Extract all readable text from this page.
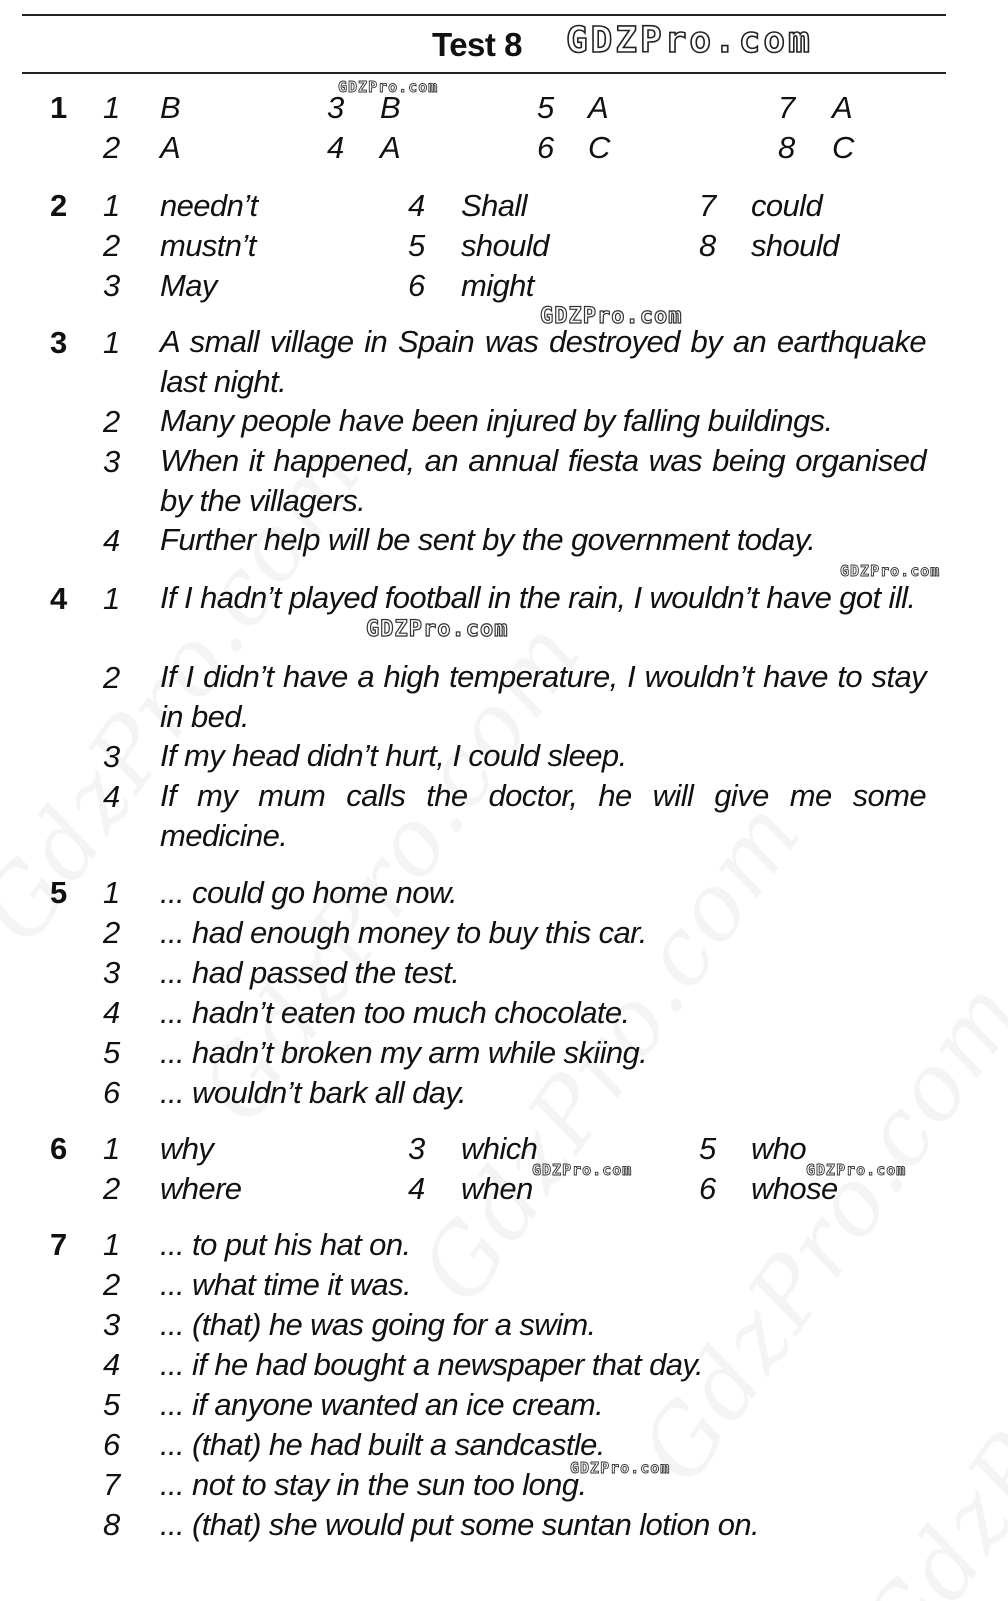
Test 8 GDZPro.com
GDZPro.com
GDZPro.com
GDZPro.com
GDZPro.com
GDZPro.com	GDZPro.com
GDZPro.com
1 1 B
2 A
3 B
4 A
5 A
6 C
7 A
8 C
2 1 needn’t
2 mustn’t
3 May
4 Shall
5 should
6 might
7 could
8 should
3 1 A small village in Spain was destroyed by an earthquake last night.
2 Many people have been injured by falling buildings.
3 When it happened, an annual fiesta was being organised by the villagers.
4 Further help will be sent by the government today.
4 1 If I hadn’t played football in the rain, I wouldn’t have got ill.
2 If I didn’t have a high temperature, I wouldn’t have to stay in bed.
3 If my head didn’t hurt, I could sleep.
4 If my mum calls the doctor, he will give me some medicine.
5 1 ... could go home now.
2 ... had enough money to buy this car.
3 ... had passed the test.
4 ... hadn’t eaten too much chocolate.
5 ... hadn’t broken my arm while skiing.
6 ... wouldn’t bark all day.
6 1 why
2 where
3 which
4 when
5 who
6 whose
7 1 ... to put his hat on.
2 ... what time it was.
3 ... (that) he was going for a swim.
4 ... if he had bought a newspaper that day.
5 ... if anyone wanted an ice cream.
6 ... (that) he had built a sandcastle.
7 ... not to stay in the sun too long.
8 ... (that) she would put some suntan lotion on.
